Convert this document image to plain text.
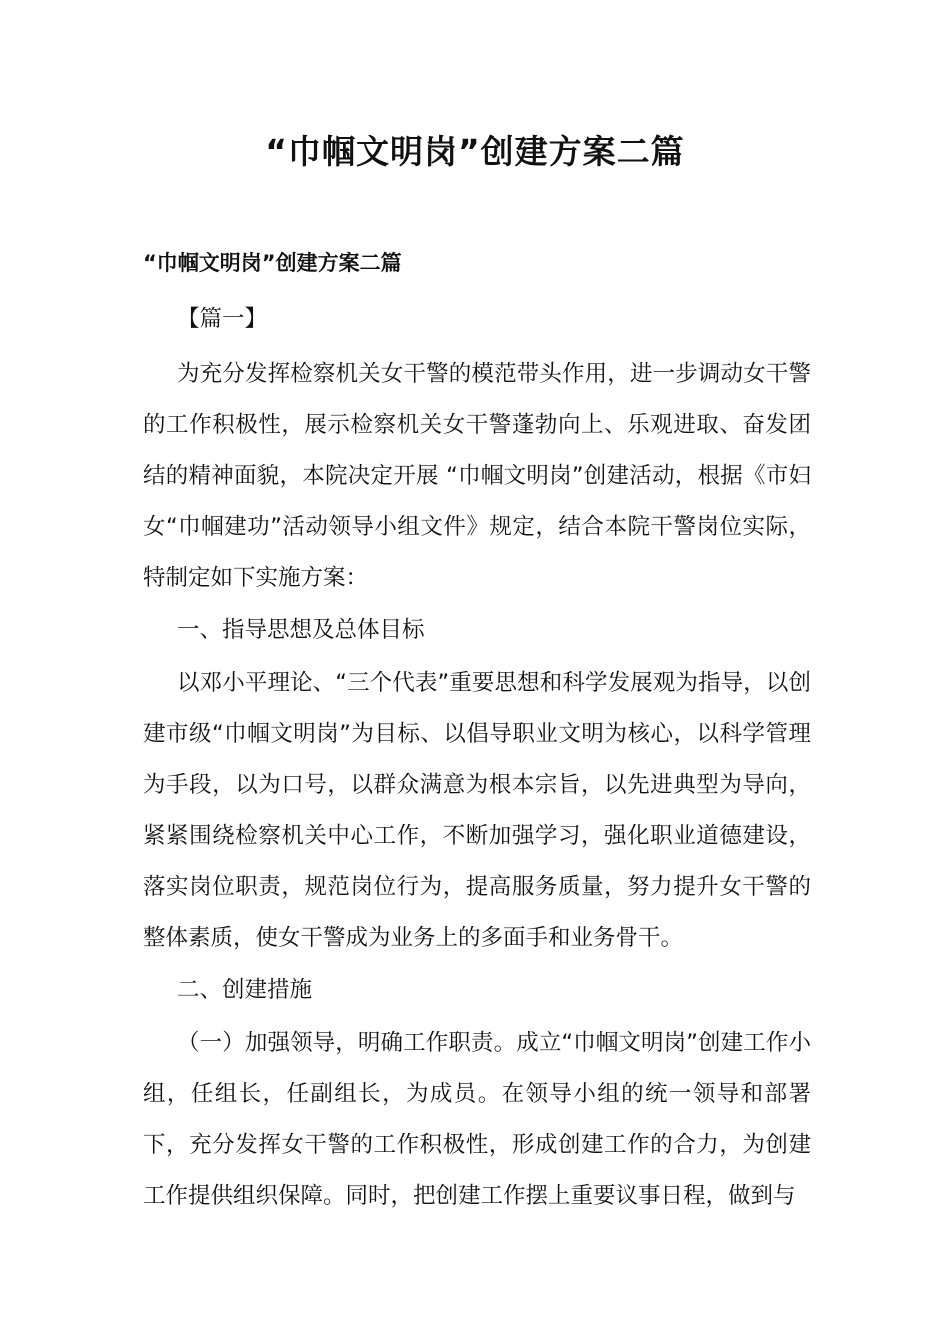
“巾帼文明岗”创建方案二篇
“巾帼文明岗”创建方案二篇

【篇一】

为充分发挥检察机关女干警的模范带头作用，进一步调动女干警的工作积极性，展示检察机关女干警蓬勃向上、乐观进取、奋发团结的精神面貌，本院决定开展 “巾帼文明岗”创建活动，根据《市妇女“巾帼建功”活动领导小组文件》规定，结合本院干警岗位实际，特制定如下实施方案：

一、指导思想及总体目标

以邓小平理论、“三个代表”重要思想和科学发展观为指导，以创建市级“巾帼文明岗”为目标、以倡导职业文明为核心，以科学管理为手段，以为口号，以群众满意为根本宗旨，以先进典型为导向，紧紧围绕检察机关中心工作，不断加强学习，强化职业道德建设，落实岗位职责，规范岗位行为，提高服务质量，努力提升女干警的整体素质，使女干警成为业务上的多面手和业务骨干。

二、创建措施

（一）加强领导，明确工作职责。成立“巾帼文明岗”创建工作小组，任组长，任副组长，为成员。在领导小组的统一领导和部署下，充分发挥女干警的工作积极性，形成创建工作的合力，为创建工作提供组织保障。同时，把创建工作摆上重要议事日程，做到与
